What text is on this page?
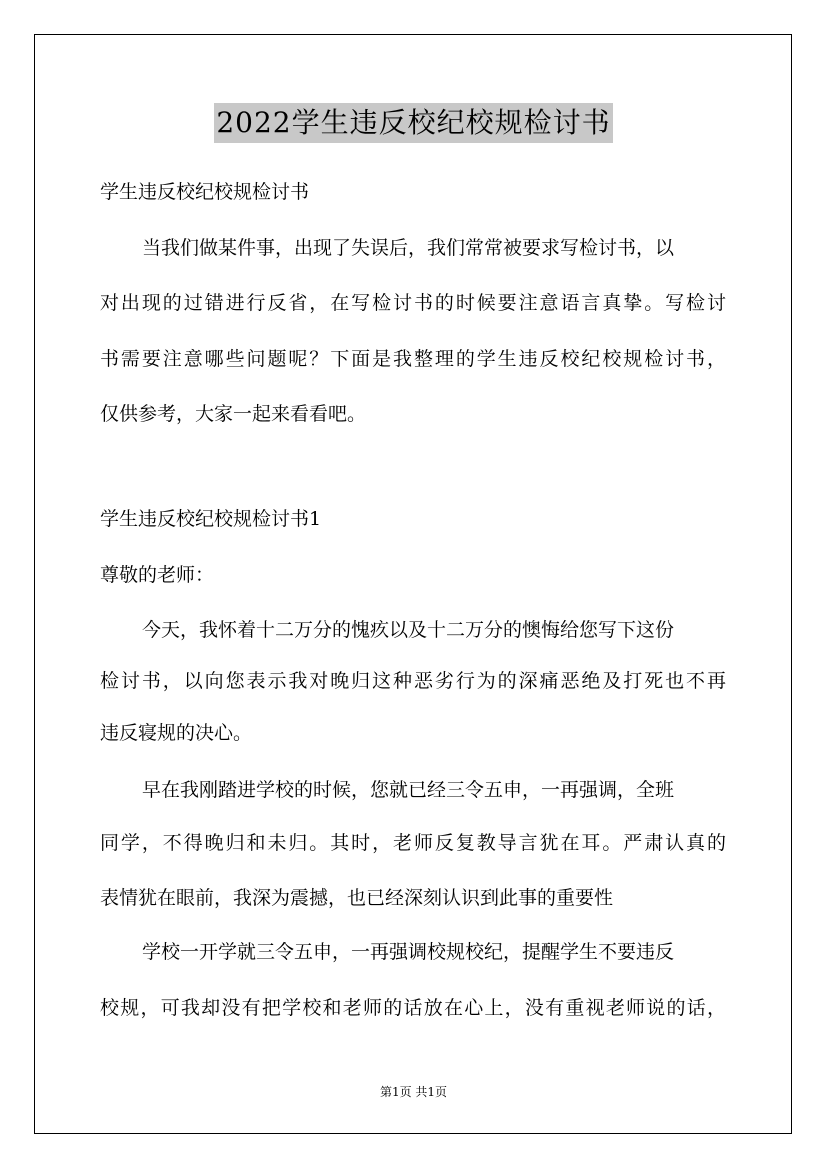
2022学生违反校纪校规检讨书
学生违反校纪校规检讨书
当我们做某件事，出现了失误后，我们常常被要求写检讨书，以
对出现的过错进行反省，在写检讨书的时候要注意语言真挚。写检讨
书需要注意哪些问题呢？下面是我整理的学生违反校纪校规检讨书，
仅供参考，大家一起来看看吧。
学生违反校纪校规检讨书1
尊敬的老师：
今天，我怀着十二万分的愧疚以及十二万分的懊悔给您写下这份
检讨书，以向您表示我对晚归这种恶劣行为的深痛恶绝及打死也不再
违反寝规的决心。
早在我刚踏进学校的时候，您就已经三令五申，一再强调，全班
同学，不得晚归和未归。其时，老师反复教导言犹在耳。严肃认真的
表情犹在眼前，我深为震撼，也已经深刻认识到此事的重要性
学校一开学就三令五申，一再强调校规校纪，提醒学生不要违反
校规，可我却没有把学校和老师的话放在心上，没有重视老师说的话，
第1页 共1页
